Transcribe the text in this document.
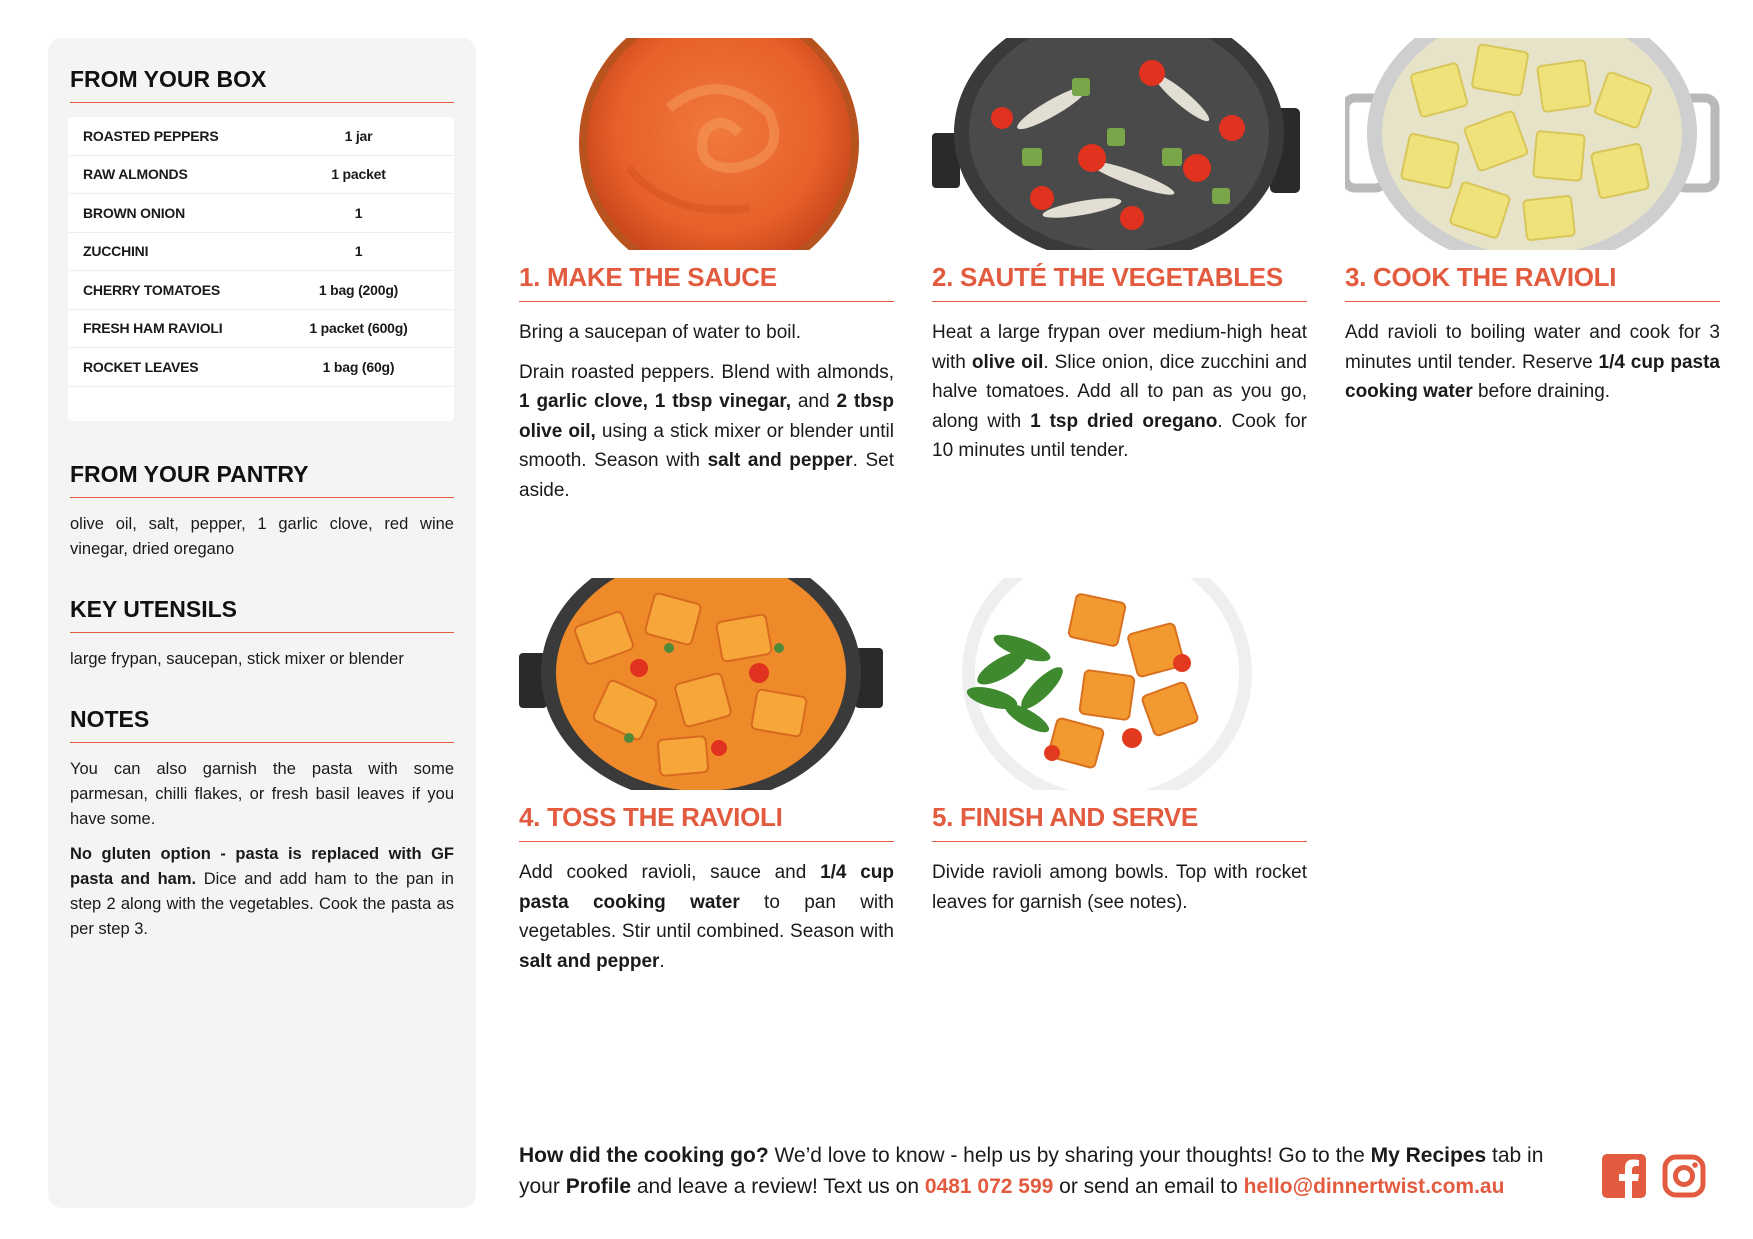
FROM YOUR BOX
ROASTED PEPPERS	1 jar
RAW ALMONDS	1 packet
BROWN ONION	1
ZUCCHINI	1
CHERRY TOMATOES	1 bag (200g)
FRESH HAM RAVIOLI	1 packet (600g)
ROCKET LEAVES	1 bag (60g)
FROM YOUR PANTRY

olive oil, salt, pepper, 1 garlic clove, red wine vinegar, dried oregano

KEY UTENSILS

large frypan, saucepan, stick mixer or blender

NOTES

You can also garnish the pasta with some parmesan, chilli flakes, or fresh basil leaves if you have some.

No gluten option - pasta is replaced with GF pasta and ham. Dice and add ham to the pan in step 2 along with the vegetables. Cook the pasta as per step 3.

1. MAKE THE SAUCE

Bring a saucepan of water to boil.

Drain roasted peppers. Blend with almonds, 1 garlic clove, 1 tbsp vinegar, and 2 tbsp olive oil, using a stick mixer or blender until smooth. Season with salt and pepper. Set aside.

2. SAUTÉ THE VEGETABLES

Heat a large frypan over medium-high heat with olive oil. Slice onion, dice zucchini and halve tomatoes. Add all to pan as you go, along with 1 tsp dried oregano. Cook for 10 minutes until tender.

3. COOK THE RAVIOLI

Add ravioli to boiling water and cook for 3 minutes until tender. Reserve 1/4 cup pasta cooking water before draining.

4. TOSS THE RAVIOLI

Add cooked ravioli, sauce and 1/4 cup pasta cooking water to pan with vegetables. Stir until combined. Season with salt and pepper.

5. FINISH AND SERVE

Divide ravioli among bowls. Top with rocket leaves for garnish (see notes).

How did the cooking go? We’d love to know - help us by sharing your thoughts! Go to the My Recipes tab in your Profile and leave a review! Text us on 0481 072 599 or send an email to hello@dinnertwist.com.au
